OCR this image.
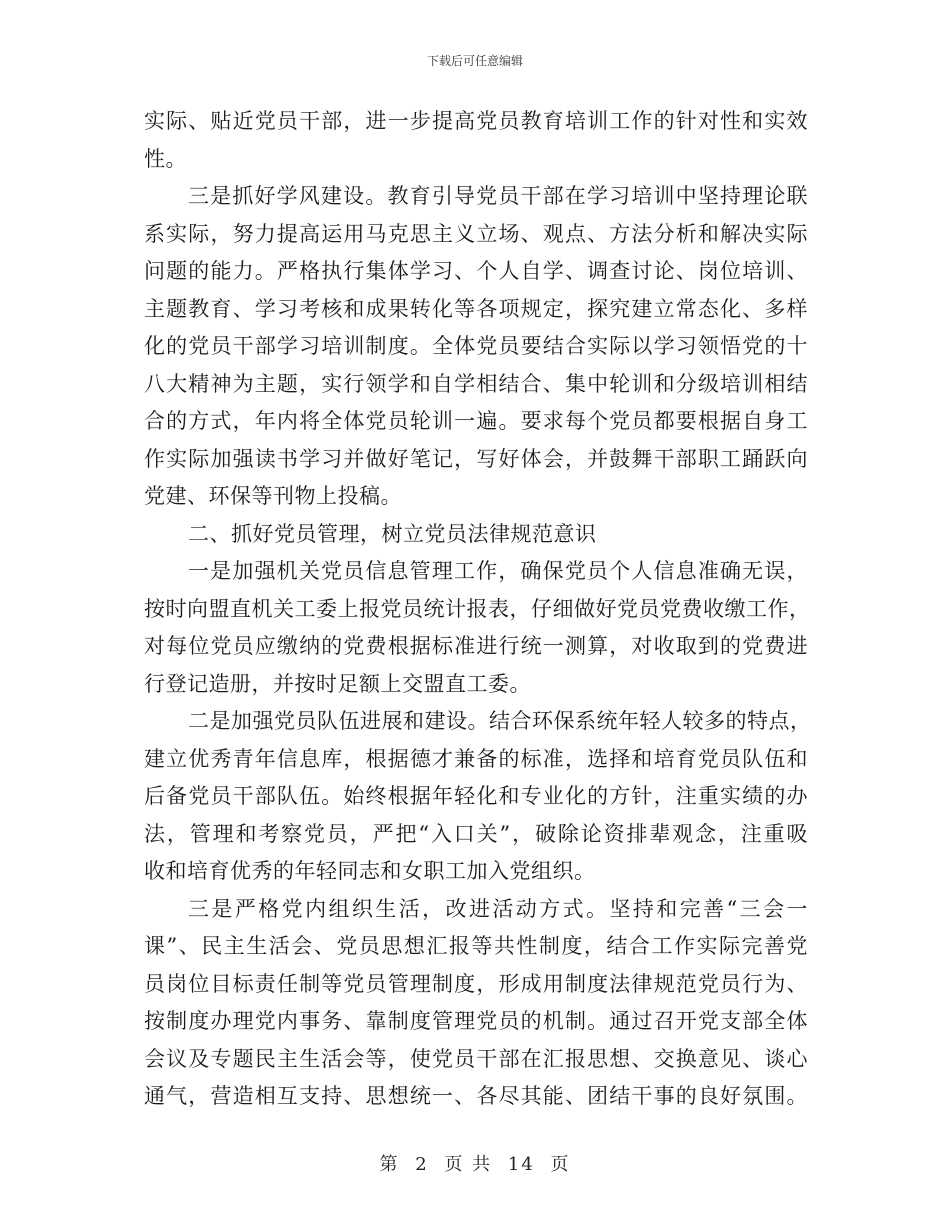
下载后可任意编辑
实际、贴近党员干部，进一步提高党员教育培训工作的针对性和实效
性。
三是抓好学风建设。教育引导党员干部在学习培训中坚持理论联
系实际，努力提高运用马克思主义立场、观点、方法分析和解决实际
问题的能力。严格执行集体学习、个人自学、调查讨论、岗位培训、
主题教育、学习考核和成果转化等各项规定，探究建立常态化、多样
化的党员干部学习培训制度。全体党员要结合实际以学习领悟党的十
八大精神为主题，实行领学和自学相结合、集中轮训和分级培训相结
合的方式，年内将全体党员轮训一遍。要求每个党员都要根据自身工
作实际加强读书学习并做好笔记，写好体会，并鼓舞干部职工踊跃向
党建、环保等刊物上投稿。
二、抓好党员管理，树立党员法律规范意识
一是加强机关党员信息管理工作，确保党员个人信息准确无误，
按时向盟直机关工委上报党员统计报表，仔细做好党员党费收缴工作，
对每位党员应缴纳的党费根据标准进行统一测算，对收取到的党费进
行登记造册，并按时足额上交盟直工委。
二是加强党员队伍进展和建设。结合环保系统年轻人较多的特点，
建立优秀青年信息库，根据德才兼备的标准，选择和培育党员队伍和
后备党员干部队伍。始终根据年轻化和专业化的方针，注重实绩的办
法，管理和考察党员，严把“入口关”，破除论资排辈观念，注重吸
收和培育优秀的年轻同志和女职工加入党组织。
三是严格党内组织生活，改进活动方式。坚持和完善“三会一
课”、民主生活会、党员思想汇报等共性制度，结合工作实际完善党
员岗位目标责任制等党员管理制度，形成用制度法律规范党员行为、
按制度办理党内事务、靠制度管理党员的机制。通过召开党支部全体
会议及专题民主生活会等，使党员干部在汇报思想、交换意见、谈心
通气，营造相互支持、思想统一、各尽其能、团结干事的良好氛围。
第 2 页 共 14 页
